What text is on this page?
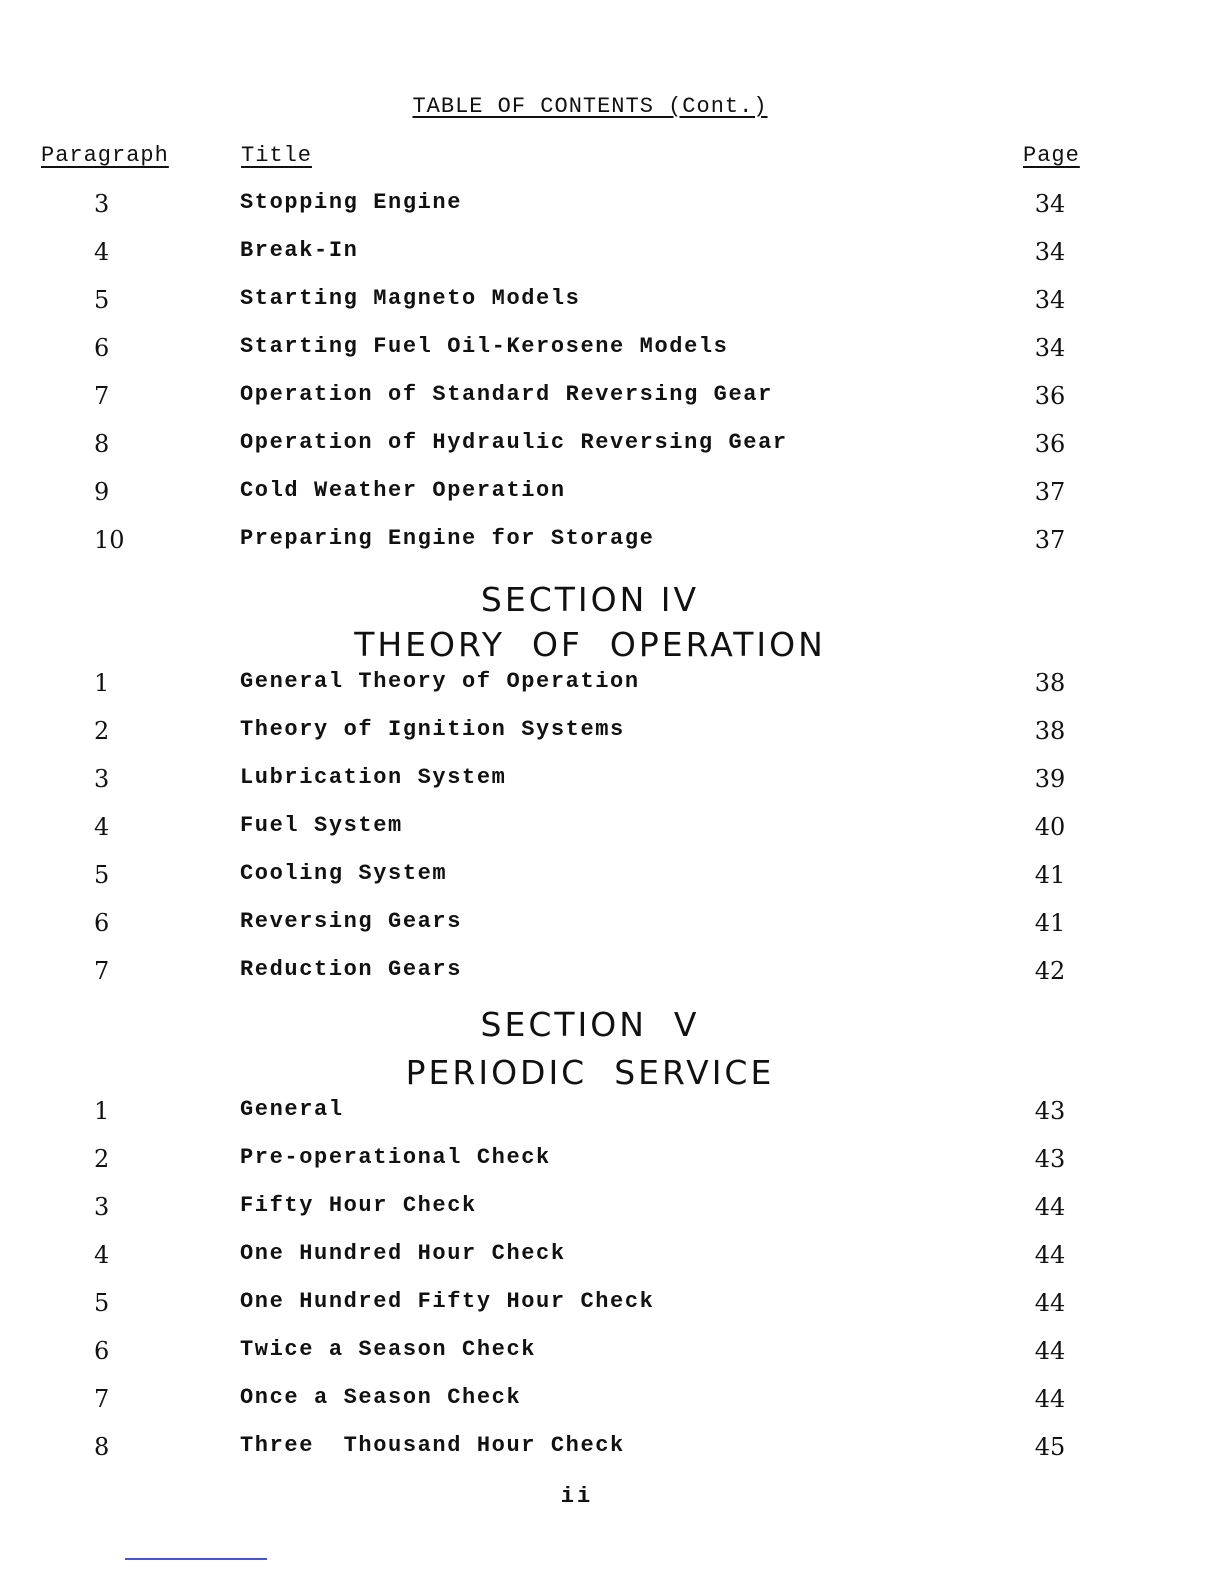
TABLE OF CONTENTS (Cont.)
Paragraph	Title	Page
3	Stopping Engine	34
4	Break-In	34
5	Starting Magneto Models	34
6	Starting Fuel Oil-Kerosene Models	34
7	Operation of Standard Reversing Gear	36
8	Operation of Hydraulic Reversing Gear	36
9	Cold Weather Operation	37
10	Preparing Engine for Storage	37
SECTION IV
THEORY  OF  OPERATION
1	General Theory of Operation	38
2	Theory of Ignition Systems	38
3	Lubrication System	39
4	Fuel System	40
5	Cooling System	41
6	Reversing Gears	41
7	Reduction Gears	42
SECTION  V
PERIODIC  SERVICE
1	General	43
2	Pre-operational Check	43
3	Fifty Hour Check	44
4	One Hundred Hour Check	44
5	One Hundred Fifty Hour Check	44
6	Twice a Season Check	44
7	Once a Season Check	44
8	Three  Thousand Hour Check	45
ii
